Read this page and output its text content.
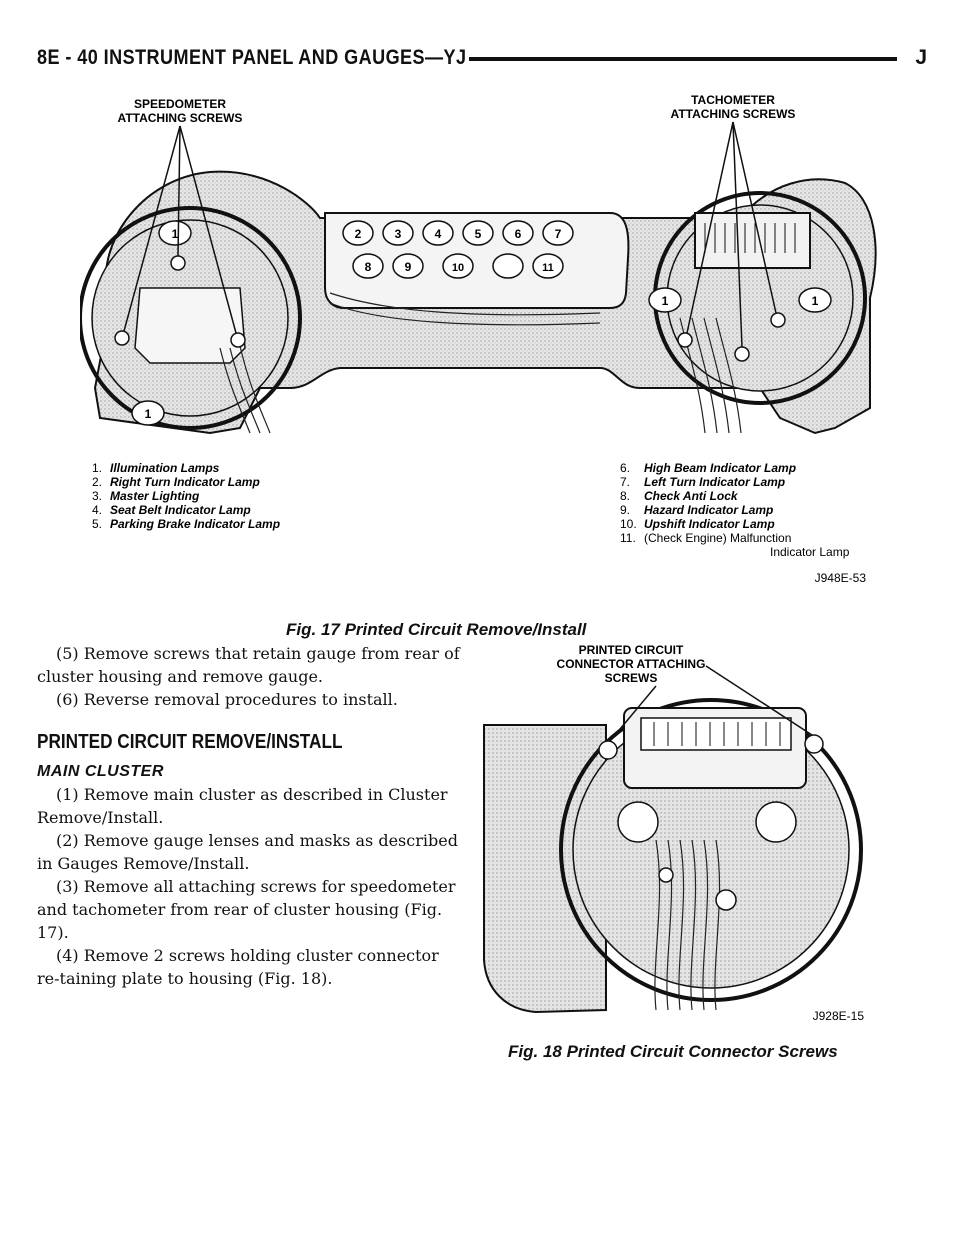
8E - 40 INSTRUMENT PANEL AND GAUGES—YJ	J
SPEEDOMETER
ATTACHING SCREWS
TACHOMETER
ATTACHING SCREWS
2	3	4	5	6	7
8	9	10	11
1
1
1	1
1. Illumination Lamps
2. Right Turn Indicator Lamp
3. Master Lighting
4. Seat Belt Indicator Lamp
5. Parking Brake Indicator Lamp
6. High Beam Indicator Lamp
7. Left Turn Indicator Lamp
8. Check Anti Lock
9. Hazard Indicator Lamp
10. Upshift Indicator Lamp
11. (Check Engine) Malfunction
Indicator Lamp
J948E-53
Fig. 17 Printed Circuit Remove/Install

(5) Remove screws that retain gauge from rear of cluster housing and remove gauge.

(6) Reverse removal procedures to install.

PRINTED CIRCUIT REMOVE/INSTALL
MAIN CLUSTER

(1) Remove main cluster as described in Cluster Remove/Install.

(2) Remove gauge lenses and masks as described in Gauges Remove/Install.

(3) Remove all attaching screws for speedometer and tachometer from rear of cluster housing (Fig. 17).

(4) Remove 2 screws holding cluster connector re-taining plate to housing (Fig. 18).

PRINTED CIRCUIT
CONNECTOR ATTACHING
SCREWS
J928E-15
Fig. 18 Printed Circuit Connector Screws
